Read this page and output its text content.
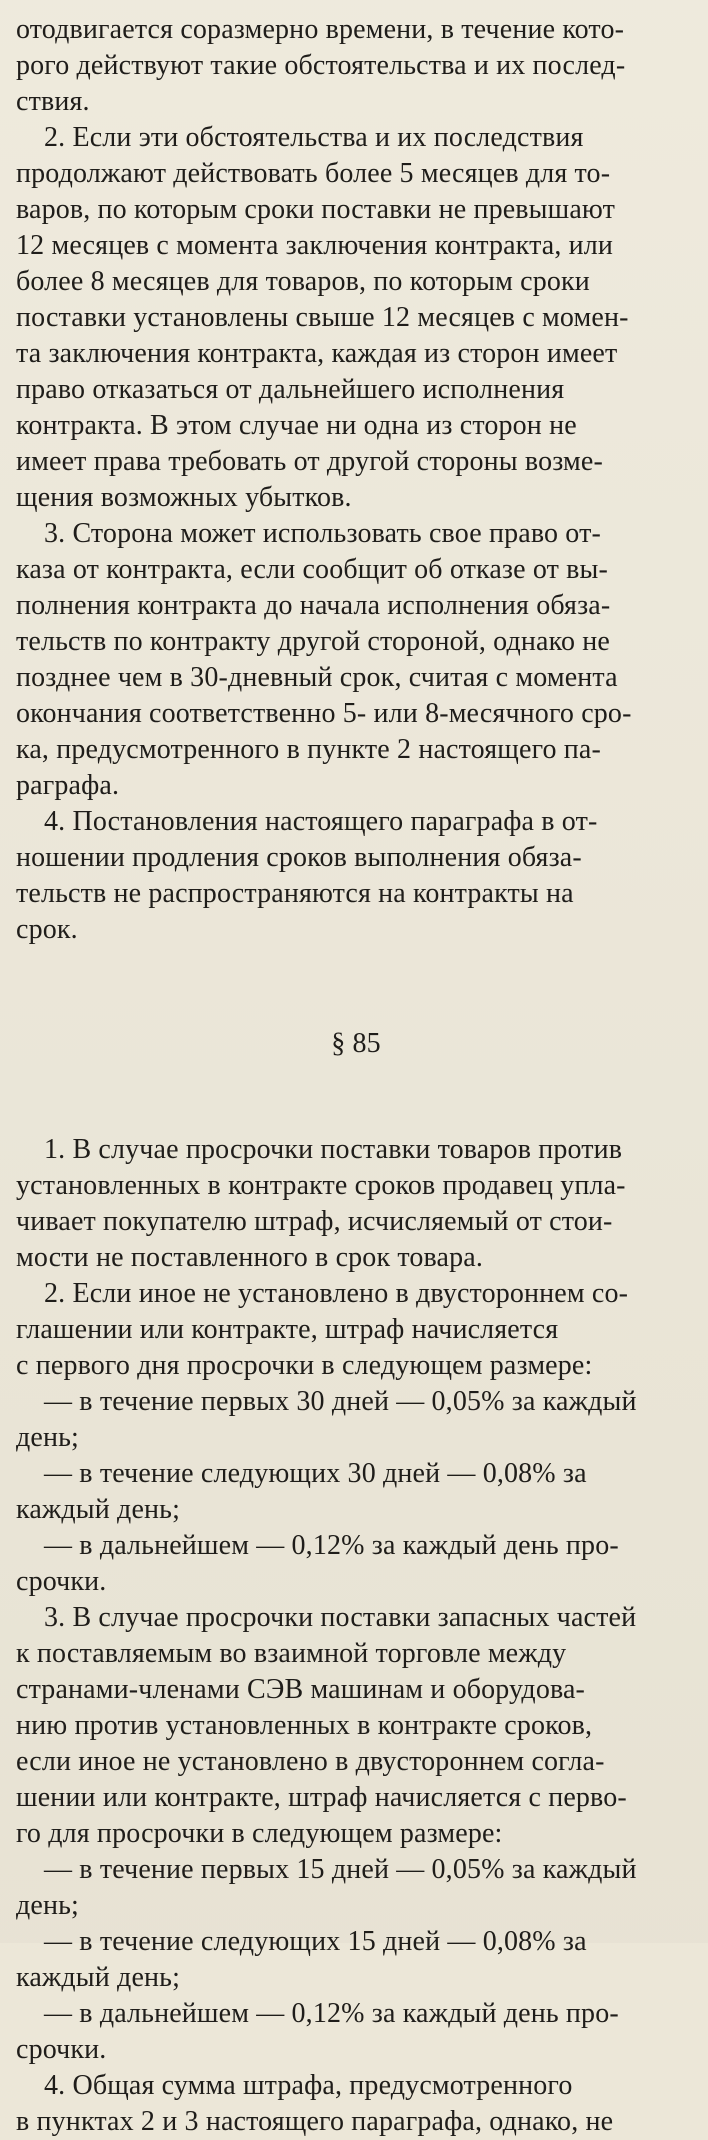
отодвигается соразмерно времени, в течение кото-
рого действуют такие обстоятельства и их послед-
ствия.

2. Если эти обстоятельства и их последствия
продолжают действовать более 5 месяцев для то-
варов, по которым сроки поставки не превышают
12 месяцев с момента заключения контракта, или
более 8 месяцев для товаров, по которым сроки
поставки установлены свыше 12 месяцев с момен-
та заключения контракта, каждая из сторон имеет
право отказаться от дальнейшего исполнения
контракта. В этом случае ни одна из сторон не
имеет права требовать от другой стороны возме-
щения возможных убытков.

3. Сторона может использовать свое право от-
каза от контракта, если сообщит об отказе от вы-
полнения контракта до начала исполнения обяза-
тельств по контракту другой стороной, однако не
позднее чем в 30-дневный срок, считая с момента
окончания соответственно 5- или 8-месячного сро-
ка, предусмотренного в пункте 2 настоящего па-
раграфа.

4. Постановления настоящего параграфа в от-
ношении продления сроков выполнения обяза-
тельств не распространяются на контракты на
срок.

§ 85

1. В случае просрочки поставки товаров против
установленных в контракте сроков продавец упла-
чивает покупателю штраф, исчисляемый от стои-
мости не поставленного в срок товара.

2. Если иное не установлено в двустороннем со-
глашении или контракте, штраф начисляется
с первого дня просрочки в следующем размере:

— в течение первых 30 дней — 0,05% за каждый
день;

— в течение следующих 30 дней — 0,08% за
каждый день;

— в дальнейшем — 0,12% за каждый день про-
срочки.

3. В случае просрочки поставки запасных частей
к поставляемым во взаимной торговле между
странами-членами СЭВ машинам и оборудова-
нию против установленных в контракте сроков,
если иное не установлено в двустороннем согла-
шении или контракте, штраф начисляется с перво-
го для просрочки в следующем размере:

— в течение первых 15 дней — 0,05% за каждый
день;

— в течение следующих 15 дней — 0,08% за
каждый день;

— в дальнейшем — 0,12% за каждый день про-
срочки.

4. Общая сумма штрафа, предусмотренного
в пунктах 2 и 3 настоящего параграфа, однако, не
